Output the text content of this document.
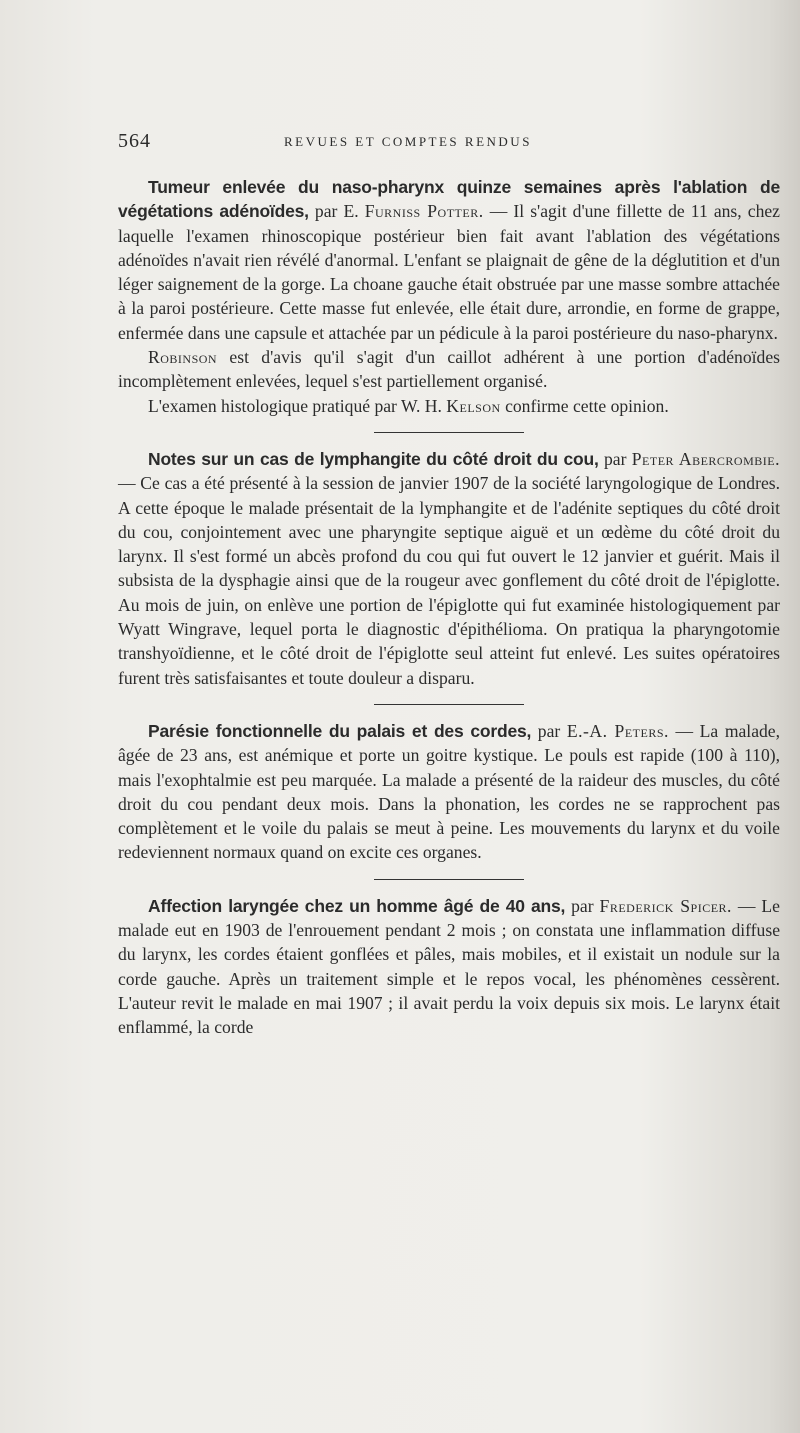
564	REVUES ET COMPTES RENDUS

Tumeur enlevée du naso-pharynx quinze semaines après l'ablation de végétations adénoïdes, par E. Furniss Potter. — Il s'agit d'une fillette de 11 ans, chez laquelle l'examen rhinoscopique postérieur bien fait avant l'ablation des végétations adénoïdes n'avait rien révélé d'anormal. L'enfant se plaignait de gêne de la déglutition et d'un léger saignement de la gorge. La choane gauche était obstruée par une masse sombre attachée à la paroi postérieure. Cette masse fut enlevée, elle était dure, arrondie, en forme de grappe, enfermée dans une capsule et attachée par un pédicule à la paroi postérieure du naso-pharynx.

Robinson est d'avis qu'il s'agit d'un caillot adhérent à une portion d'adénoïdes incomplètement enlevées, lequel s'est partiellement organisé.

L'examen histologique pratiqué par W. H. Kelson confirme cette opinion.

Notes sur un cas de lymphangite du côté droit du cou, par Peter Abercrombie. — Ce cas a été présenté à la session de janvier 1907 de la société laryngologique de Londres. A cette époque le malade présentait de la lymphangite et de l'adénite septiques du côté droit du cou, conjointement avec une pharyngite septique aiguë et un œdème du côté droit du larynx. Il s'est formé un abcès profond du cou qui fut ouvert le 12 janvier et guérit. Mais il subsista de la dysphagie ainsi que de la rougeur avec gonflement du côté droit de l'épiglotte. Au mois de juin, on enlève une portion de l'épiglotte qui fut examinée histologiquement par Wyatt Wingrave, lequel porta le diagnostic d'épithélioma. On pratiqua la pharyngotomie transhyoïdienne, et le côté droit de l'épiglotte seul atteint fut enlevé. Les suites opératoires furent très satisfaisantes et toute douleur a disparu.

Parésie fonctionnelle du palais et des cordes, par E.-A. Peters. — La malade, âgée de 23 ans, est anémique et porte un goitre kystique. Le pouls est rapide (100 à 110), mais l'exophtalmie est peu marquée. La malade a présenté de la raideur des muscles, du côté droit du cou pendant deux mois. Dans la phonation, les cordes ne se rapprochent pas complètement et le voile du palais se meut à peine. Les mouvements du larynx et du voile redeviennent normaux quand on excite ces organes.

Affection laryngée chez un homme âgé de 40 ans, par Frederick Spicer. — Le malade eut en 1903 de l'enrouement pendant 2 mois ; on constata une inflammation diffuse du larynx, les cordes étaient gonflées et pâles, mais mobiles, et il existait un nodule sur la corde gauche. Après un traitement simple et le repos vocal, les phénomènes cessèrent. L'auteur revit le malade en mai 1907 ; il avait perdu la voix depuis six mois. Le larynx était enflammé, la corde
